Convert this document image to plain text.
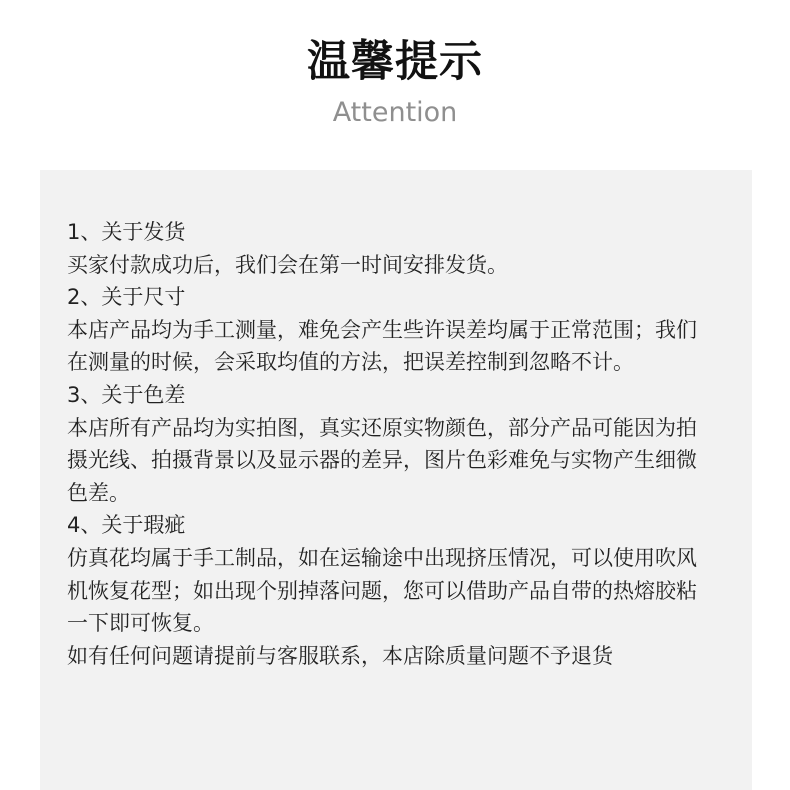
温馨提示
Attention

1、关于发货

买家付款成功后，我们会在第一时间安排发货。

2、关于尺寸

本店产品均为手工测量，难免会产生些许误差均属于正常范围；我们在测量的时候，会采取均值的方法，把误差控制到忽略不计。

3、关于色差

本店所有产品均为实拍图，真实还原实物颜色，部分产品可能因为拍摄光线、拍摄背景以及显示器的差异，图片色彩难免与实物产生细微色差。

4、关于瑕疵

仿真花均属于手工制品，如在运输途中出现挤压情况，可以使用吹风机恢复花型；如出现个别掉落问题，您可以借助产品自带的热熔胶粘一下即可恢复。

如有任何问题请提前与客服联系，本店除质量问题不予退货
